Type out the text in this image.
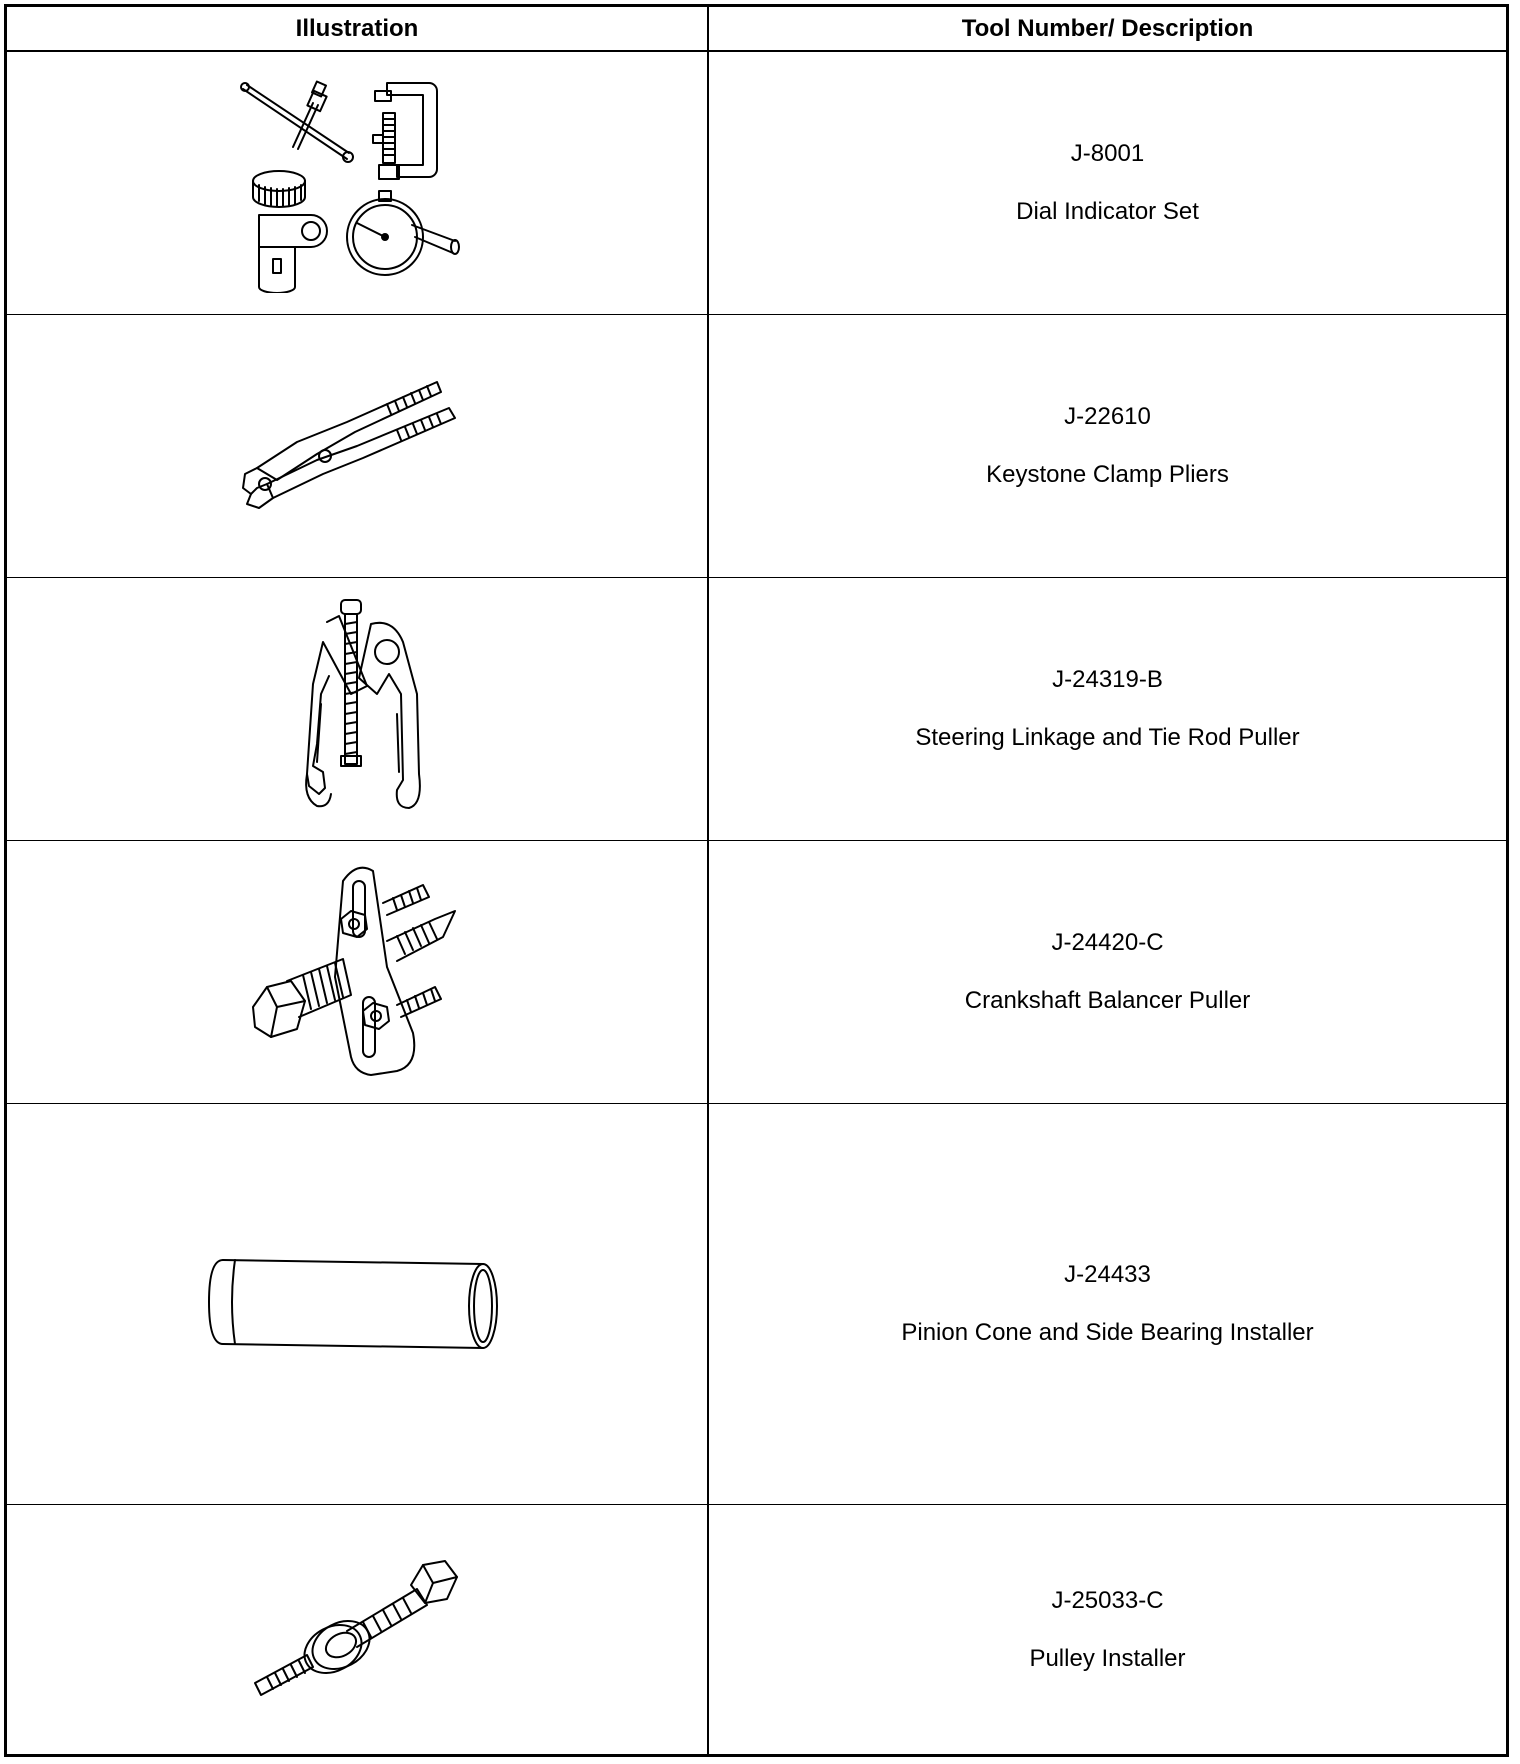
Illustration	Tool Number/ Description
J-8001
Dial Indicator Set
J-22610
Keystone Clamp Pliers
J-24319-B
Steering Linkage and Tie Rod Puller
J-24420-C
Crankshaft Balancer Puller
J-24433
Pinion Cone and Side Bearing Installer
J-25033-C
Pulley Installer
